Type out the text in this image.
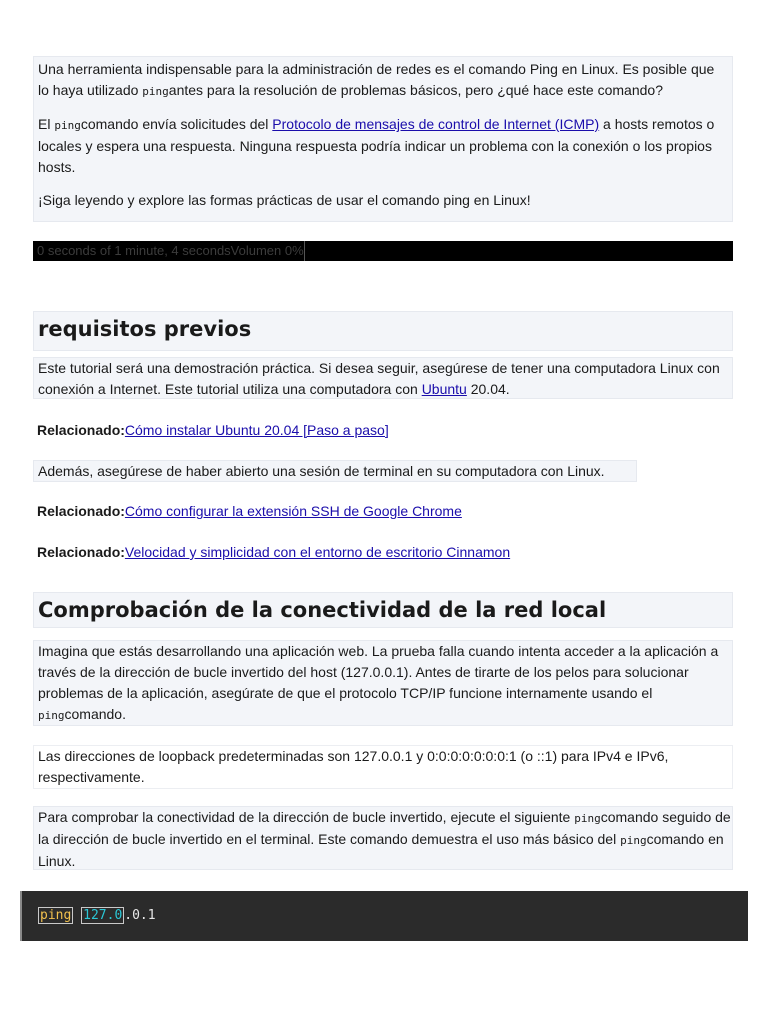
Una herramienta indispensable para la administración de redes es el comando Ping en Linux. Es posible que lo haya utilizado pingantes para la resolución de problemas básicos, pero ¿qué hace este comando?

El pingcomando envía solicitudes del Protocolo de mensajes de control de Internet (ICMP) a hosts remotos o locales y espera una respuesta. Ninguna respuesta podría indicar un problema con la conexión o los propios hosts.

¡Siga leyendo y explore las formas prácticas de usar el comando ping en Linux!

0 seconds of 1 minute, 4 secondsVolumen 0%
requisitos previos
Este tutorial será una demostración práctica. Si desea seguir, asegúrese de tener una computadora Linux con conexión a Internet. Este tutorial utiliza una computadora con Ubuntu 20.04.
Relacionado:Cómo instalar Ubuntu 20.04 [Paso a paso]
Además, asegúrese de haber abierto una sesión de terminal en su computadora con Linux.
Relacionado:Cómo configurar la extensión SSH de Google Chrome
Relacionado:Velocidad y simplicidad con el entorno de escritorio Cinnamon
Comprobación de la conectividad de la red local
Imagina que estás desarrollando una aplicación web. La prueba falla cuando intenta acceder a la aplicación a través de la dirección de bucle invertido del host (127.0.0.1). Antes de tirarte de los pelos para solucionar problemas de la aplicación, asegúrate de que el protocolo TCP/IP funcione internamente usando el pingcomando.
Las direcciones de loopback predeterminadas son 127.0.0.1 y 0:0:0:0:0:0:0:1 (o ::1) para IPv4 e IPv6, respectivamente.
Para comprobar la conectividad de la dirección de bucle invertido, ejecute el siguiente pingcomando seguido de la dirección de bucle invertido en el terminal. Este comando demuestra el uso más básico del pingcomando en Linux.
ping 127.0 .0.1
